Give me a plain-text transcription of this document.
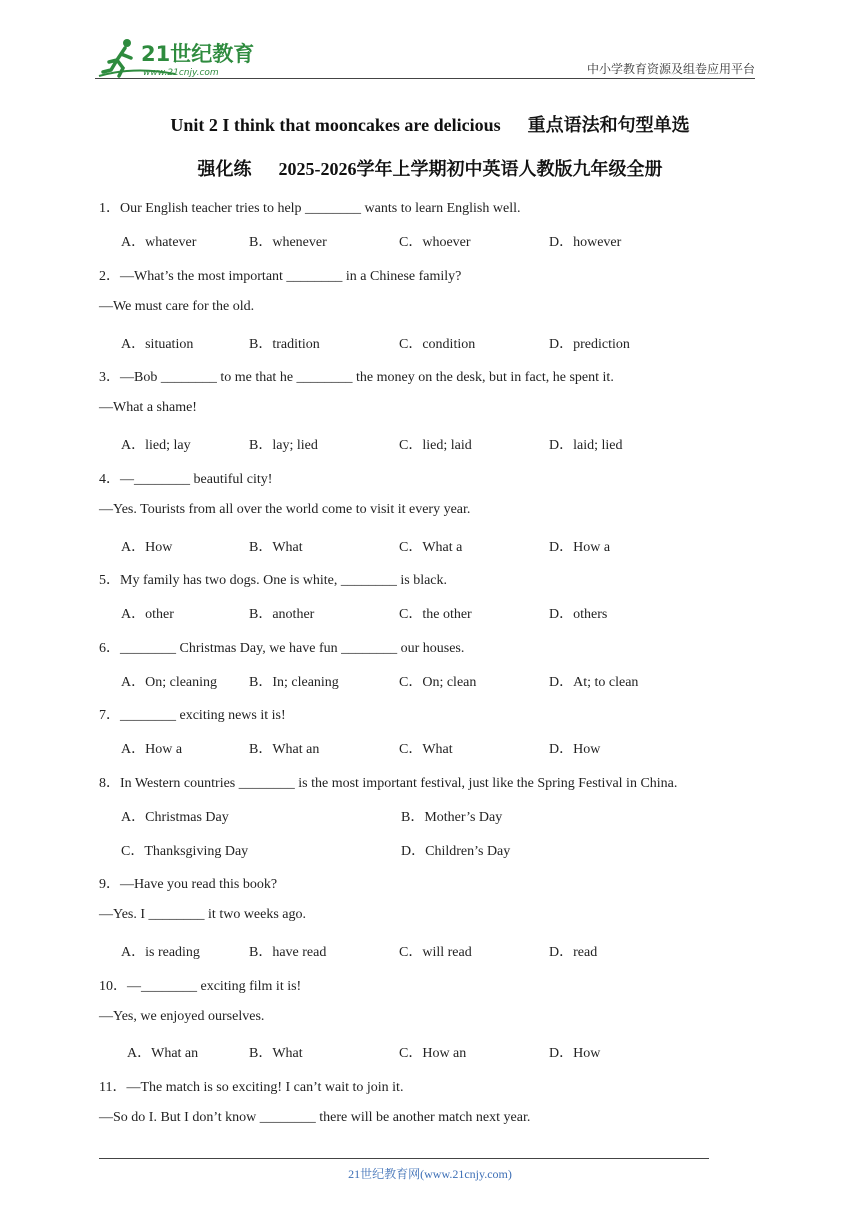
21世纪教育
www.21cnjy.com	中小学教育资源及组卷应用平台
Unit 2 I think that mooncakes are delicious      重点语法和句型单选
强化练      2025-2026学年上学期初中英语人教版九年级全册
1．Our English teacher tries to help ________ wants to learn English well.
A．whatever	B．whenever	C．whoever	D．however
2．—What’s the most important ________ in a Chinese family?
—We must care for the old.
A．situation	B．tradition	C．condition	D．prediction
3．—Bob ________ to me that he ________ the money on the desk, but in fact, he spent it.
—What a shame!
A．lied; lay	B．lay; lied	C．lied; laid	D．laid; lied
4．—________ beautiful city!
—Yes. Tourists from all over the world come to visit it every year.
A．How	B．What	C．What a	D．How a
5．My family has two dogs. One is white, ________ is black.
A．other	B．another	C．the other	D．others
6．________ Christmas Day, we have fun ________ our houses.
A．On; cleaning B．In; cleaning	C．On; clean	D．At; to clean
7．________ exciting news it is!
A．How a	B．What an	C．What	D．How
8．In Western countries ________ is the most important festival, just like the Spring Festival in China.
A．Christmas Day	B．Mother’s Day
C．Thanksgiving Day	D．Children’s Day
9．—Have you read this book?
—Yes. I ________ it two weeks ago.
A．is reading	B．have read	C．will read	D．read
10．—________ exciting film it is!
—Yes, we enjoyed ourselves.
A．What an	B．What	C．How an	D．How
11．—The match is so exciting! I can’t wait to join it.
—So do I. But I don’t know ________ there will be another match next year.
21世纪教育网(www.21cnjy.com)
